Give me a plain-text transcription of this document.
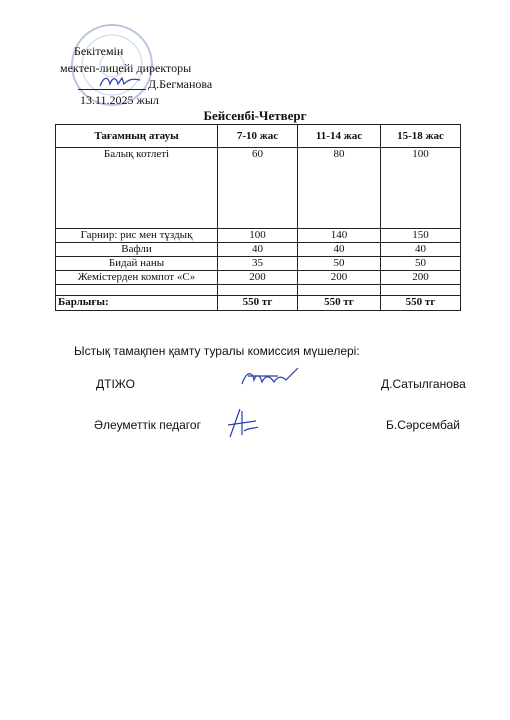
Бекітемін
мектеп-лицейі директоры
Д.Бегманова
13.11.2025 жыл
Бейсенбі-Четверг
Тағамның атауы	7-10 жас	11-14 жас	15-18 жас
Балық котлеті	60	80	100
Гарнир: рис мен тұздық	100	140	150
Вафли	40	40	40
Бидай наны	35	50	50
Жемістерден компот «С»	200	200	200

Барлығы:	550 тг	550 тг	550 тг
Ыстық тамақпен қамту туралы комиссия мүшелері:
ДТІЖО	Д.Сатылганова
Әлеуметтік педагог	Б.Сәрсембай
